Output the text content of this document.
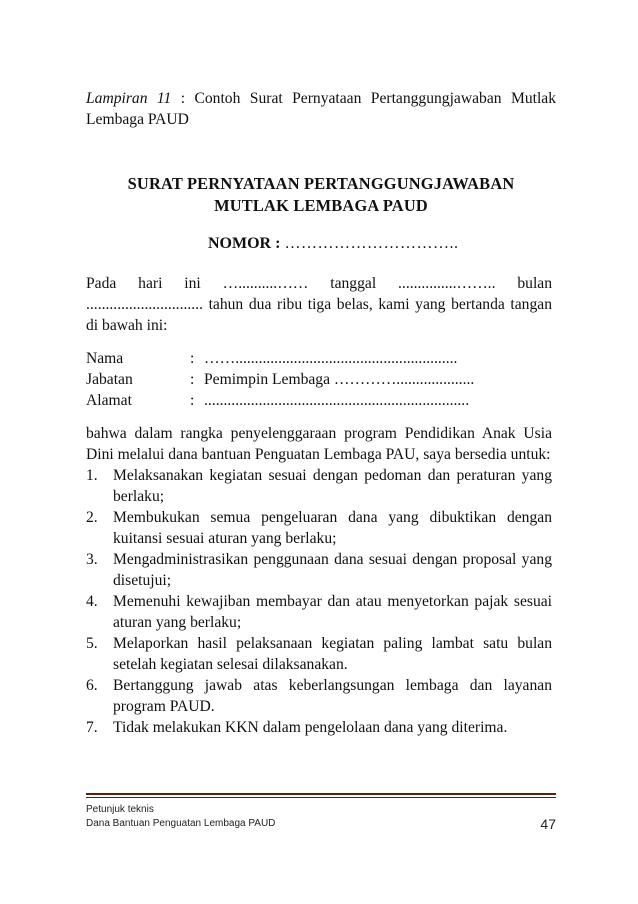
Lampiran 11 : Contoh Surat Pernyataan Pertanggungjawaban Mutlak Lembaga PAUD
SURAT PERNYATAAN PERTANGGUNGJAWABAN
MUTLAK LEMBAGA PAUD
NOMOR : …………………………..
Pada hari ini …..........…… tanggal ...............…….. bulan .............................. tahun dua ribu tiga belas, kami yang bertanda tangan di bawah ini:
Nama	: …….........................................................
Jabatan	: Pemimpin Lembaga …………....................
Alamat	: ....................................................................
bahwa dalam rangka penyelenggaraan program Pendidikan Anak Usia Dini melalui dana bantuan Penguatan Lembaga PAU, saya bersedia untuk:
1. Melaksanakan kegiatan sesuai dengan pedoman dan peraturan yang berlaku;
2. Membukukan semua pengeluaran dana yang dibuktikan dengan kuitansi sesuai aturan yang berlaku;
3. Mengadministrasikan penggunaan dana sesuai dengan proposal yang disetujui;
4. Memenuhi kewajiban membayar dan atau menyetorkan pajak sesuai aturan yang berlaku;
5. Melaporkan hasil pelaksanaan kegiatan paling lambat satu bulan setelah kegiatan selesai dilaksanakan.
6. Bertanggung jawab atas keberlangsungan lembaga dan layanan program PAUD.
7. Tidak melakukan KKN dalam pengelolaan dana yang diterima.
Petunjuk teknis
Dana Bantuan Penguatan Lembaga PAUD	47
